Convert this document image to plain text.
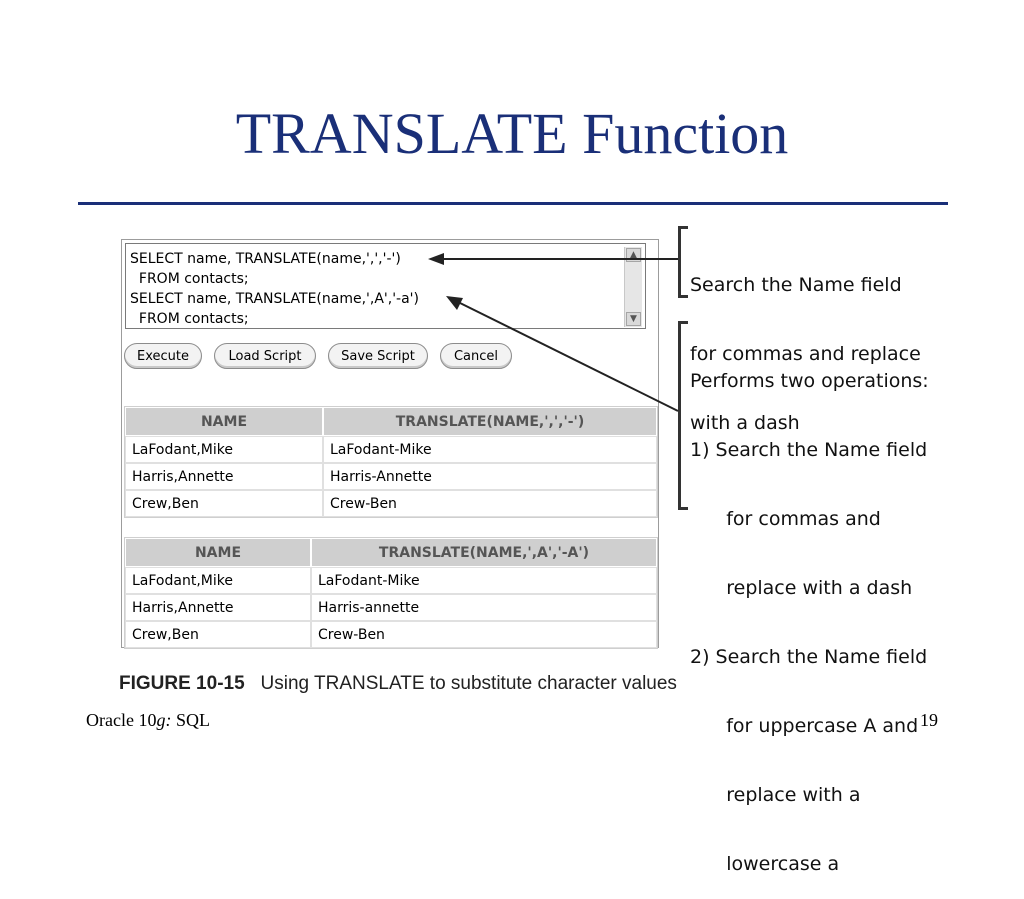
TRANSLATE Function
SELECT name, TRANSLATE(name,',','-')
FROM contacts;
SELECT name, TRANSLATE(name,',A','-a')
FROM contacts;
▲
▼
Execute	Load Script	Save Script	Cancel
NAME	TRANSLATE(NAME,',','-')
LaFodant,Mike	LaFodant-Mike
Harris,Annette	Harris-Annette
Crew,Ben	Crew-Ben
NAME	TRANSLATE(NAME,',A','-A')
LaFodant,Mike	LaFodant-Mike
Harris,Annette	Harris-annette
Crew,Ben	Crew-Ben

Search the Name field

for commas and replace

with a dash

Performs two operations:

1) Search the Name field

for commas and

replace with a dash

2) Search the Name field

for uppercase A and

replace with a

lowercase a

FIGURE 10-15 Using TRANSLATE to substitute character values
Oracle 10g: SQL	19
